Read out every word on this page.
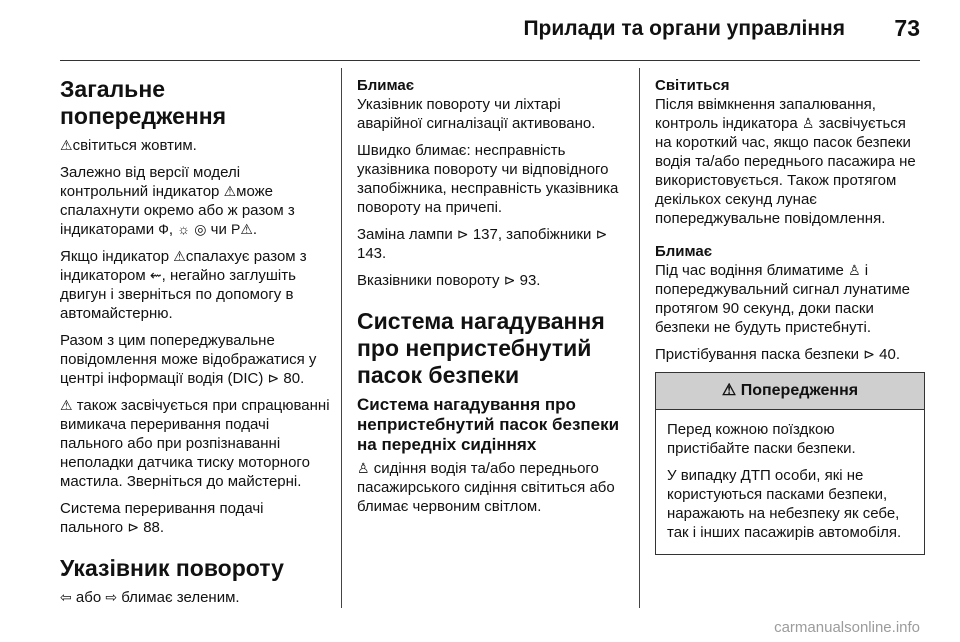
Прилади та органи управління 73
Загальне попередження

⚠світиться жовтим.

Залежно від версії моделі контрольний індикатор ⚠може спалахнути окремо або ж разом з індикаторами Ф, ☼ ◎ чи P⚠.

Якщо індикатор ⚠спалахує разом з індикатором ⇜, негайно заглушіть двигун і зверніться по допомогу в автомайстерню.

Разом з цим попереджувальне повідомлення може відображатися у центрі інформації водія (DIC) ⊳ 80.

⚠ також засвічується при спрацюванні вимикача переривання подачі пального або при розпізнаванні неполадки датчика тиску моторного мастила. Зверніться до майстерні.

Система переривання подачі пального ⊳ 88.

Указівник повороту

⇦ або ⇨ блимає зеленим.

Блимає

Указівник повороту чи ліхтарі аварійної сигналізації активовано.

Швидко блимає: несправність указівника повороту чи відповідного запобіжника, несправність указівника повороту на причепі.

Заміна лампи ⊳ 137, запобіжники ⊳ 143.

Вказівники повороту ⊳ 93.

Система нагадування про непристебнутий пасок безпеки
Система нагадування про непристебнутий пасок безпеки на передніх сидіннях

♙ сидіння водія та/або переднього пасажирського сидіння світиться або блимає червоним світлом.

Світиться

Після ввімкнення запалювання, контроль індикатора ♙ засвічується на короткий час, якщо пасок безпеки водія та/або переднього пасажира не використовується. Також протягом декількох секунд лунає попереджувальне повідомлення.

Блимає

Під час водіння блиматиме ♙ і попереджувальний сигнал лунатиме протягом 90 секунд, доки паски безпеки не будуть пристебнуті.

Пристібування паска безпеки ⊳ 40.

⚠ Попередження

Перед кожною поїздкою пристібайте паски безпеки.

У випадку ДТП особи, які не користуються пасками безпеки, наражають на небезпеку як себе, так і інших пасажирів автомобіля.

carmanualsonline.info
